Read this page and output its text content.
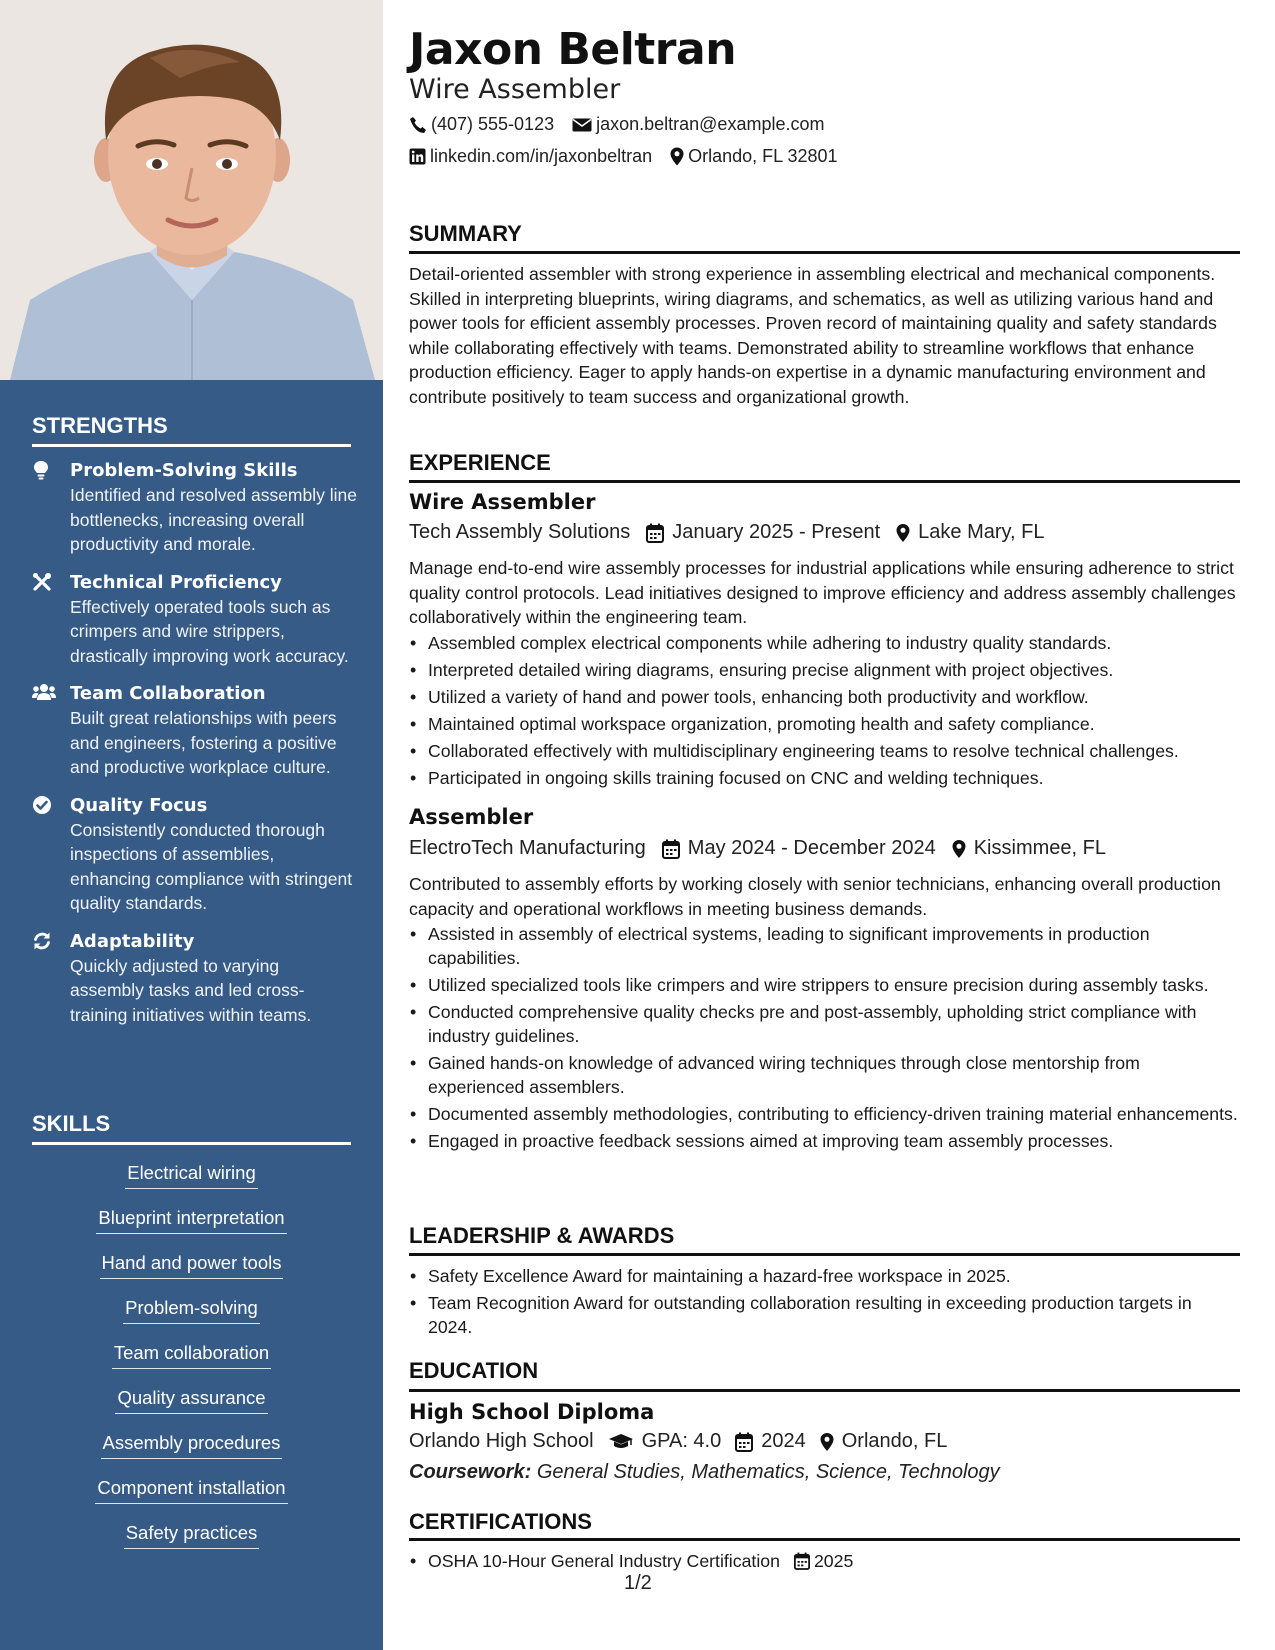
STRENGTHS
Problem-Solving Skills
Identified and resolved assembly line bottlenecks, increasing overall productivity and morale.
Technical Proficiency
Effectively operated tools such as crimpers and wire strippers, drastically improving work accuracy.
Team Collaboration
Built great relationships with peers and engineers, fostering a positive and productive workplace culture.
Quality Focus
Consistently conducted thorough inspections of assemblies, enhancing compliance with stringent quality standards.
Adaptability
Quickly adjusted to varying assembly tasks and led cross-training initiatives within teams.
SKILLS
Electrical wiring
Blueprint interpretation
Hand and power tools
Problem-solving
Team collaboration
Quality assurance
Assembly procedures
Component installation
Safety practices
Jaxon Beltran
Wire Assembler
(407) 555-0123 jaxon.beltran@example.com
linkedin.com/in/jaxonbeltran Orlando, FL 32801
SUMMARY
Detail-oriented assembler with strong experience in assembling electrical and mechanical components. Skilled in interpreting blueprints, wiring diagrams, and schematics, as well as utilizing various hand and power tools for efficient assembly processes. Proven record of maintaining quality and safety standards while collaborating effectively with teams. Demonstrated ability to streamline workflows that enhance production efficiency. Eager to apply hands-on expertise in a dynamic manufacturing environment and contribute positively to team success and organizational growth.
EXPERIENCE
Wire Assembler
Tech Assembly Solutions January 2025 - Present Lake Mary, FL
Manage end-to-end wire assembly processes for industrial applications while ensuring adherence to strict quality control protocols. Lead initiatives designed to improve efficiency and address assembly challenges collaboratively within the engineering team.
• Assembled complex electrical components while adhering to industry quality standards.
• Interpreted detailed wiring diagrams, ensuring precise alignment with project objectives.
• Utilized a variety of hand and power tools, enhancing both productivity and workflow.
• Maintained optimal workspace organization, promoting health and safety compliance.
• Collaborated effectively with multidisciplinary engineering teams to resolve technical challenges.
• Participated in ongoing skills training focused on CNC and welding techniques.
Assembler
ElectroTech Manufacturing May 2024 - December 2024 Kissimmee, FL
Contributed to assembly efforts by working closely with senior technicians, enhancing overall production capacity and operational workflows in meeting business demands.
• Assisted in assembly of electrical systems, leading to significant improvements in production capabilities.
• Utilized specialized tools like crimpers and wire strippers to ensure precision during assembly tasks.
• Conducted comprehensive quality checks pre and post-assembly, upholding strict compliance with industry guidelines.
• Gained hands-on knowledge of advanced wiring techniques through close mentorship from experienced assemblers.
• Documented assembly methodologies, contributing to efficiency-driven training material enhancements.
• Engaged in proactive feedback sessions aimed at improving team assembly processes.
LEADERSHIP & AWARDS
• Safety Excellence Award for maintaining a hazard-free workspace in 2025.
• Team Recognition Award for outstanding collaboration resulting in exceeding production targets in 2024.
EDUCATION
High School Diploma
Orlando High School GPA: 4.0 2024 Orlando, FL
Coursework: General Studies, Mathematics, Science, Technology
CERTIFICATIONS
• OSHA 10-Hour General Industry Certification 2025
1/2
